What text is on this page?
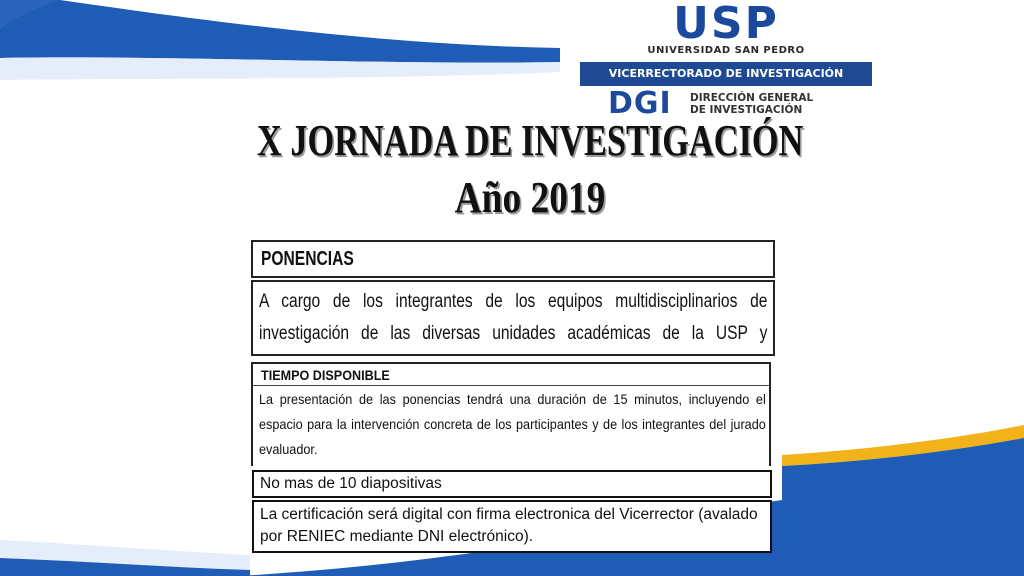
USP
UNIVERSIDAD SAN PEDRO
VICERRECTORADO DE INVESTIGACIÓN
DGI DIRECCIÓN GENERAL
DE INVESTIGACIÓN
X JORNADA DE INVESTIGACIÓN
Año 2019
PONENCIAS
A cargo de los integrantes de los equipos multidisciplinarios de investigación de las diversas unidades académicas de la USP y
TIEMPO DISPONIBLE
La presentación de las ponencias tendrá una duración de 15 minutos, incluyendo el espacio para la intervención concreta de los participantes y de los integrantes del jurado evaluador.
No mas de 10 diapositivas
La certificación será digital con firma electronica del Vicerrector (avalado por RENIEC mediante DNI electrónico).
